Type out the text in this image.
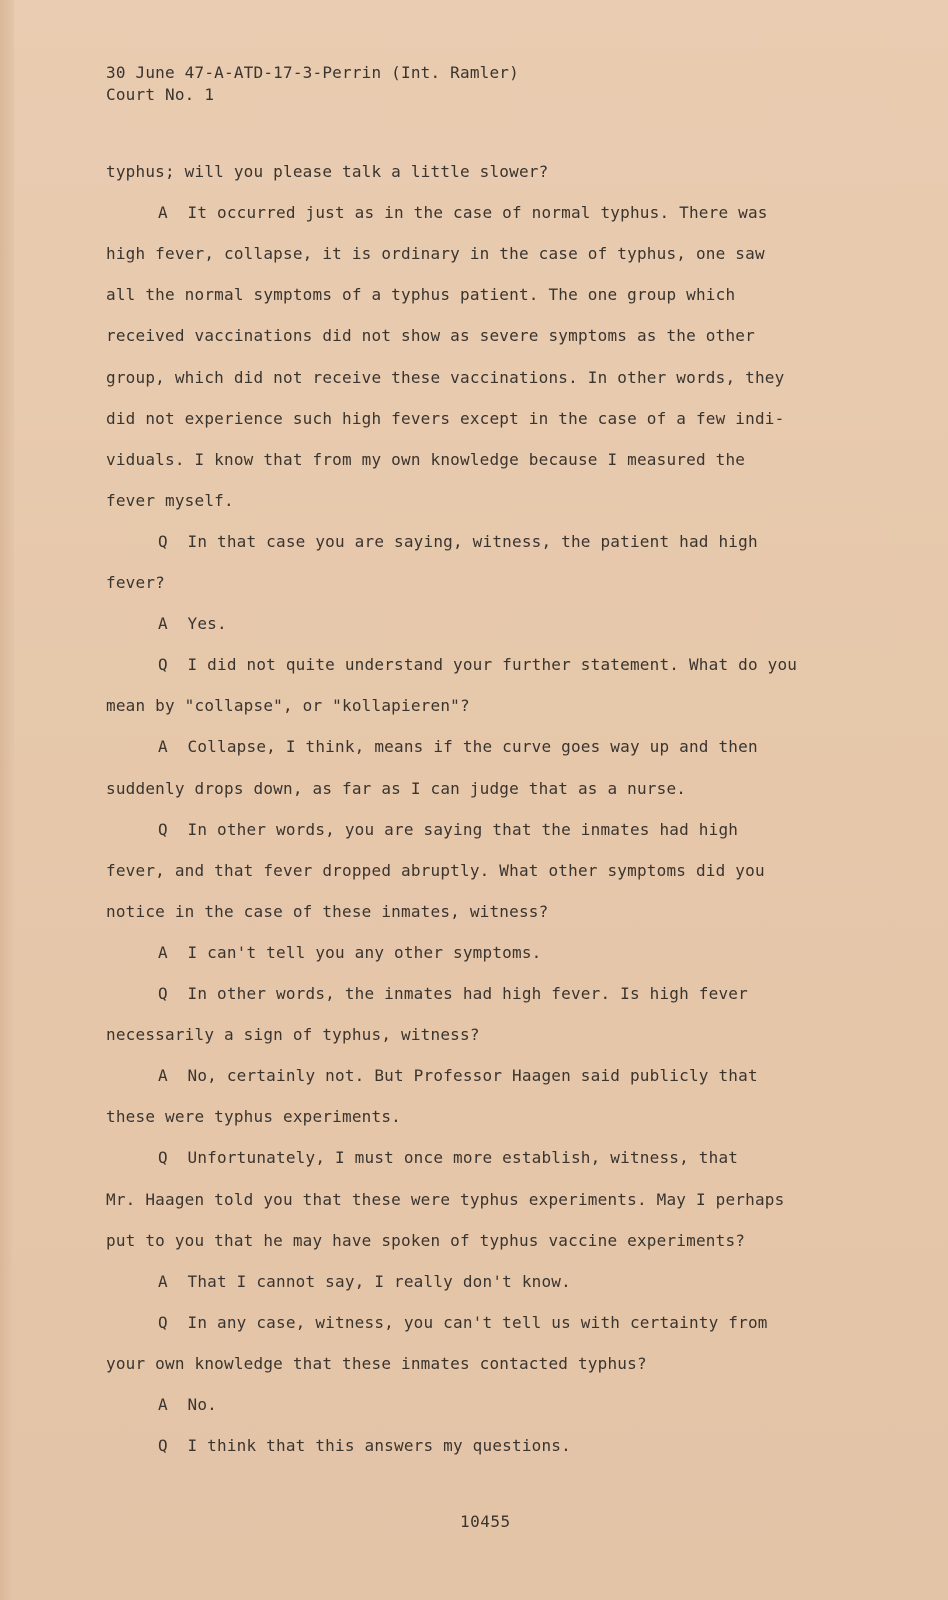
30 June 47-A-ATD-17-3-Perrin (Int. Ramler)
Court No. 1
typhus; will you please talk a little slower?
A  It occurred just as in the case of normal typhus. There was
high fever, collapse, it is ordinary in the case of typhus, one saw
all the normal symptoms of a typhus patient. The one group which
received vaccinations did not show as severe symptoms as the other
group, which did not receive these vaccinations. In other words, they
did not experience such high fevers except in the case of a few indi-
viduals. I know that from my own knowledge because I measured the
fever myself.
Q  In that case you are saying, witness, the patient had high
fever?
A  Yes.
Q  I did not quite understand your further statement. What do you
mean by "collapse", or "kollapieren"?
A  Collapse, I think, means if the curve goes way up and then
suddenly drops down, as far as I can judge that as a nurse.
Q  In other words, you are saying that the inmates had high
fever, and that fever dropped abruptly. What other symptoms did you
notice in the case of these inmates, witness?
A  I can't tell you any other symptoms.
Q  In other words, the inmates had high fever. Is high fever
necessarily a sign of typhus, witness?
A  No, certainly not. But Professor Haagen said publicly that
these were typhus experiments.
Q  Unfortunately, I must once more establish, witness, that
Mr. Haagen told you that these were typhus experiments. May I perhaps
put to you that he may have spoken of typhus vaccine experiments?
A  That I cannot say, I really don't know.
Q  In any case, witness, you can't tell us with certainty from
your own knowledge that these inmates contacted typhus?
A  No.
Q  I think that this answers my questions.
10455
